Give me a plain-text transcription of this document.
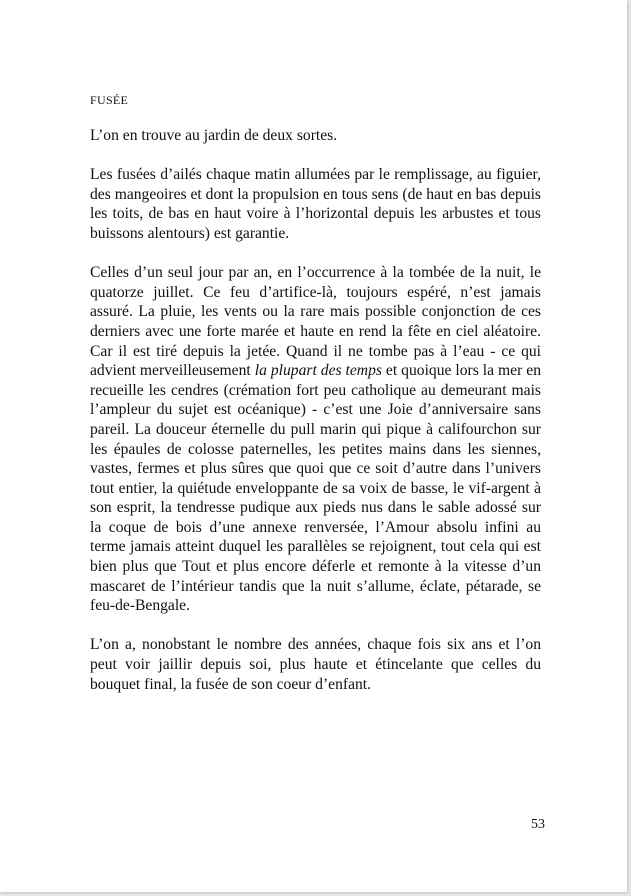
FUSÉE

L’on en trouve au jardin de deux sortes.

Les fusées d’ailés chaque matin allumées par le remplissage, au figuier, des mangeoires et dont la propulsion en tous sens (de haut en bas depuis les toits, de bas en haut voire à l’horizontal depuis les arbustes et tous buissons alentours) est garantie.

Celles d’un seul jour par an, en l’occurrence à la tombée de la nuit, le quatorze juillet. Ce feu d’artifice-là, toujours espéré, n’est jamais assuré. La pluie, les vents ou la rare mais possible conjonction de ces derniers avec une forte marée et haute en rend la fête en ciel aléatoire. Car il est tiré depuis la jetée. Quand il ne tombe pas à l’eau - ce qui advient merveilleusement la plupart des temps et quoique lors la mer en recueille les cendres (crémation fort peu catholique au demeurant mais l’ampleur du sujet est océanique) - c’est une Joie d’anniversaire sans pareil. La douceur éternelle du pull marin qui pique à califourchon sur les épaules de colosse paternelles, les petites mains dans les siennes, vastes, fermes et plus sûres que quoi que ce soit d’autre dans l’univers tout entier, la quiétude enveloppante de sa voix de basse, le vif-argent à son esprit, la tendresse pudique aux pieds nus dans le sable adossé sur la coque de bois d’une annexe renversée, l’Amour absolu infini au terme jamais atteint duquel les parallèles se rejoignent, tout cela qui est bien plus que Tout et plus encore déferle et remonte à la vitesse d’un mascaret de l’intérieur tandis que la nuit s’allume, éclate, pétarade, se feu-de-Bengale.

L’on a, nonobstant le nombre des années, chaque fois six ans et l’on peut voir jaillir depuis soi, plus haute et étincelante que celles du bouquet final, la fusée de son coeur d’enfant.

53
